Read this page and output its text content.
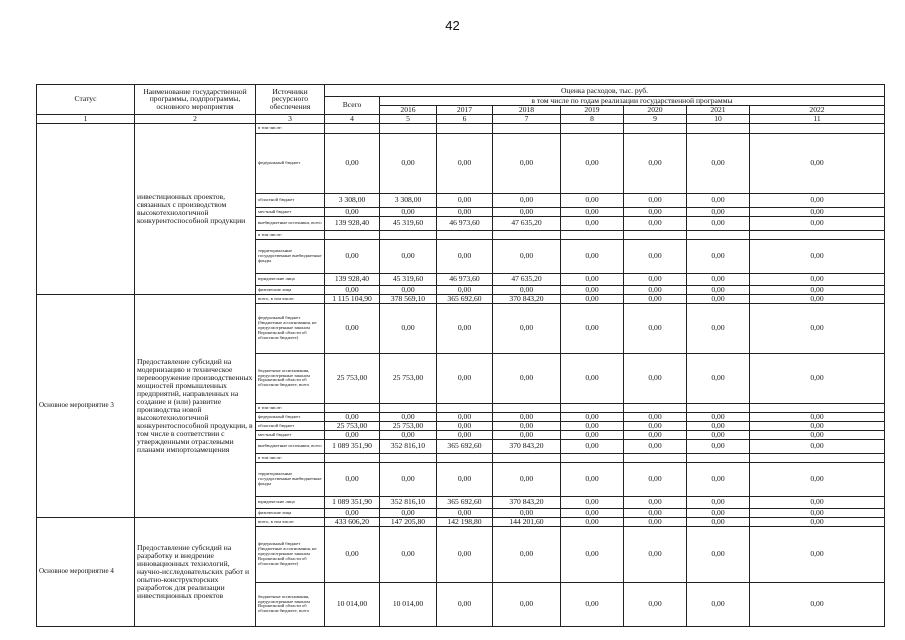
42
Статус	Наименование государственной программы, подпрограммы, основного мероприятия	Источники ресурсного обеспечения	Оценка расходов, тыс. руб.							
			Всего	в том числе по годам реализации государственной программы						
				2016	2017	2018	2019	2020	2021	2022
1	2	3	4	5	6	7	8	9	10	11
	инвестиционных проектов, связанных с производством высокотехнологичной конкурентоспособной продукции	в том числе:								
		федеральный бюджет	0,00	0,00	0,00	0,00	0,00	0,00	0,00	0,00
		областной бюджет	3 308,00	3 308,00	0,00	0,00	0,00	0,00	0,00	0,00
		местный бюджет	0,00	0,00	0,00	0,00	0,00	0,00	0,00	0,00
		внебюджетные источники, всего	139 928,40	45 319,60	46 973,60	47 635,20	0,00	0,00	0,00	0,00
		в том числе:								
		территориальные государственные внебюджетные фонды	0,00	0,00	0,00	0,00	0,00	0,00	0,00	0,00
		юридические лица	139 928,40	45 319,60	46 973,60	47 635,20	0,00	0,00	0,00	0,00
		физические лица	0,00	0,00	0,00	0,00	0,00	0,00	0,00	0,00
Основное мероприятие 3	Предоставление субсидий на модернизацию и техническое перевооружение производственных мощностей промышленных предприятий, направленных на создание и (или) развитие производства новой высокотехнологичной конкурентоспособной продукции, в том числе в соответствии с утвержденными отраслевыми планами импортозамещения	всего, в том числе:	1 115 104,90	378 569,10	365 692,60	370 843,20	0,00	0,00	0,00	0,00
		федеральный бюджет (бюджетные ассигнования, не предусмотренные законом Воронежской области об областном бюджете)	0,00	0,00	0,00	0,00	0,00	0,00	0,00	0,00
		бюджетные ассигнования, предусмотренные законом Воронежской области об областном бюджете, всего	25 753,00	25 753,00	0,00	0,00	0,00	0,00	0,00	0,00
		в том числе:								
		федеральный бюджет	0,00	0,00	0,00	0,00	0,00	0,00	0,00	0,00
		областной бюджет	25 753,00	25 753,00	0,00	0,00	0,00	0,00	0,00	0,00
		местный бюджет	0,00	0,00	0,00	0,00	0,00	0,00	0,00	0,00
		внебюджетные источники, всего	1 089 351,90	352 816,10	365 692,60	370 843,20	0,00	0,00	0,00	0,00
		в том числе:								
		территориальные государственные внебюджетные фонды	0,00	0,00	0,00	0,00	0,00	0,00	0,00	0,00
		юридические лица	1 089 351,90	352 816,10	365 692,60	370 843,20	0,00	0,00	0,00	0,00
		физические лица	0,00	0,00	0,00	0,00	0,00	0,00	0,00	0,00
Основное мероприятие 4	Предоставление субсидий на разработку и внедрение инновационных технологий, научно-исследовательских работ и опытно-конструкторских разработок для реализации инвестиционных проектов	всего, в том числе:	433 606,20	147 205,80	142 198,80	144 201,60	0,00	0,00	0,00	0,00
		федеральный бюджет (бюджетные ассигнования, не предусмотренные законом Воронежской области об областном бюджете)	0,00	0,00	0,00	0,00	0,00	0,00	0,00	0,00
		бюджетные ассигнования, предусмотренные законом Воронежской области об областном бюджете, всего	10 014,00	10 014,00	0,00	0,00	0,00	0,00	0,00	0,00
